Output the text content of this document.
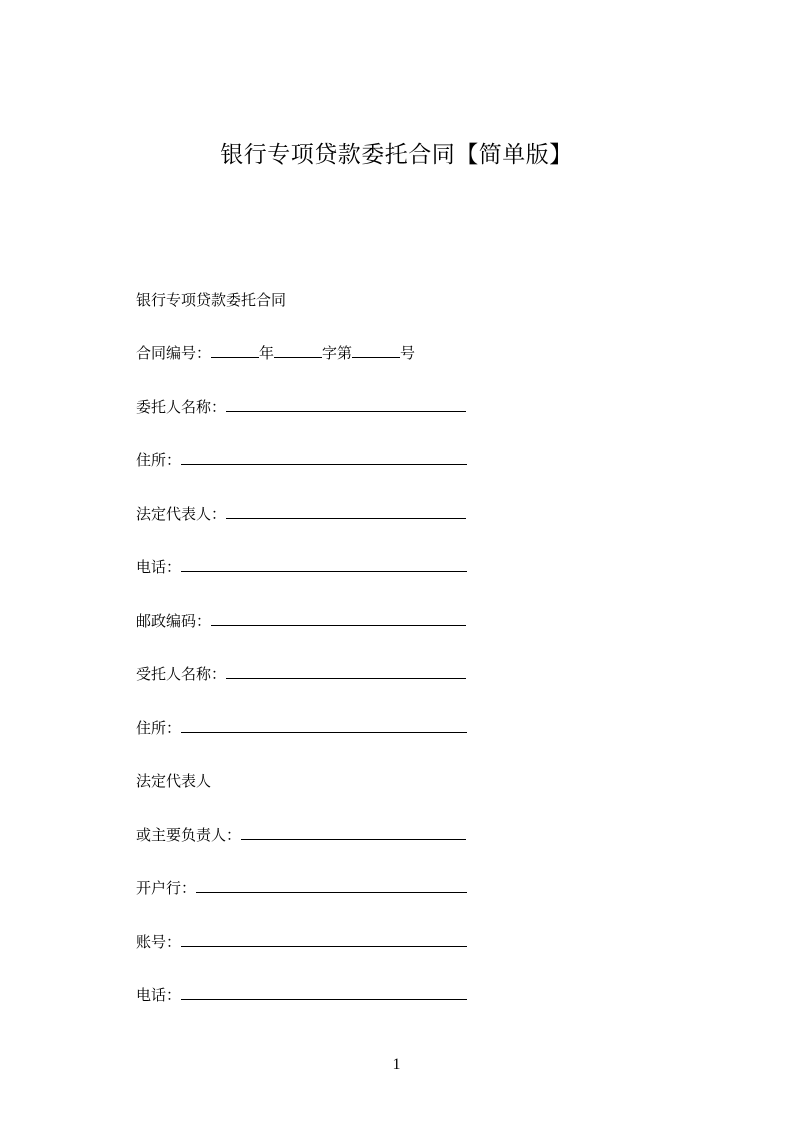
银行专项贷款委托合同【简单版】
银行专项贷款委托合同
合同编号：	年	字第	号
委托人名称：
住所：
法定代表人：
电话：
邮政编码：
受托人名称：
住所：
法定代表人
或主要负责人：
开户行：
账号：
电话：
1
